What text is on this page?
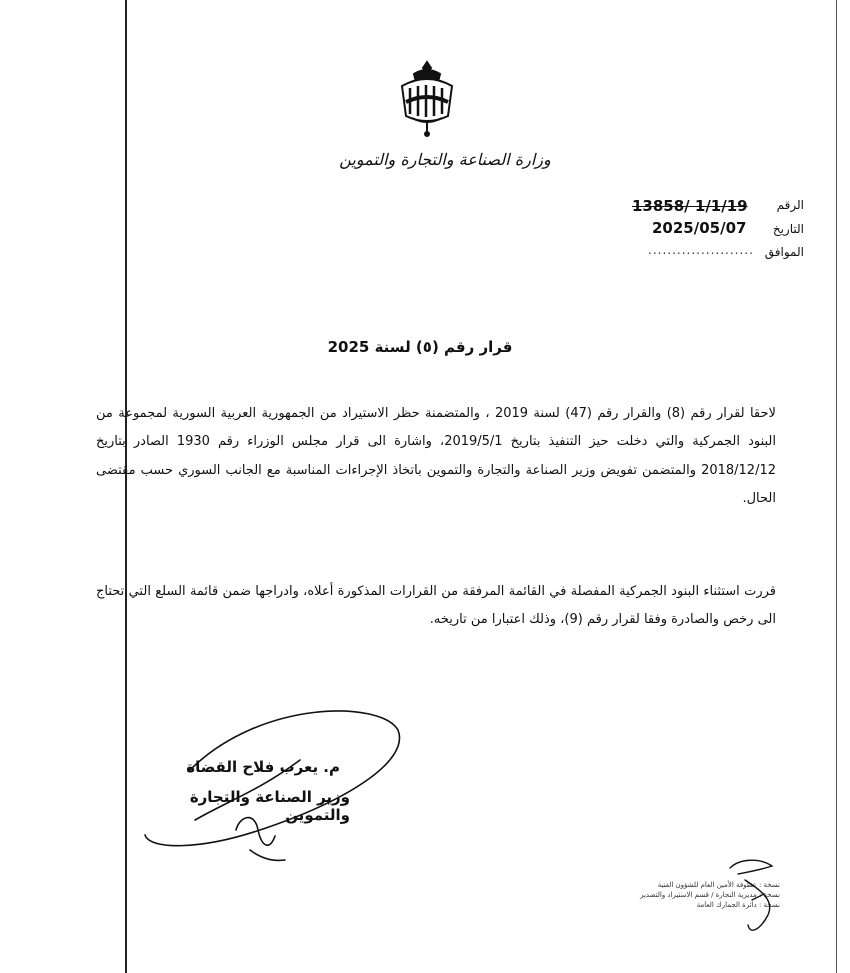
وزارة الصناعة والتجارة والتموين
الرقم
13858/ 1/1/19
التاريخ
2025/05/07
الموافق
......................
قرار رقم (٥) لسنة 2025
لاحقا لقرار رقم (8) والقرار رقم (47) لسنة 2019 ، والمتضمنة حظر الاستيراد من الجمهورية العربية السورية لمجموعة من البنود الجمركية والتي دخلت حيز التنفيذ بتاريخ 2019/5/1، واشارة الى قرار مجلس الوزراء رقم 1930 الصادر بتاريخ 2018/12/12 والمتضمن تفويض وزير الصناعة والتجارة والتموين باتخاذ الإجراءات المناسبة مع الجانب السوري حسب مقتضى الحال.
قررت استثناء البنود الجمركية المفصلة في القائمة المرفقة من القرارات المذكورة أعلاه، وادراجها ضمن قائمة السلع التي تحتاج الى رخص والصادرة وفقا لقرار رقم (9)، وذلك اعتبارا من تاريخه.
م. يعرب فلاح القضاة
وزير الصناعة والتجارة والتموين
نسخة : عطوفة الأمين العام للشؤون الفنية
نسخة : مديرية التجارة / قسم الاستيراد والتصدير
نسخة : دائرة الجمارك العامة
